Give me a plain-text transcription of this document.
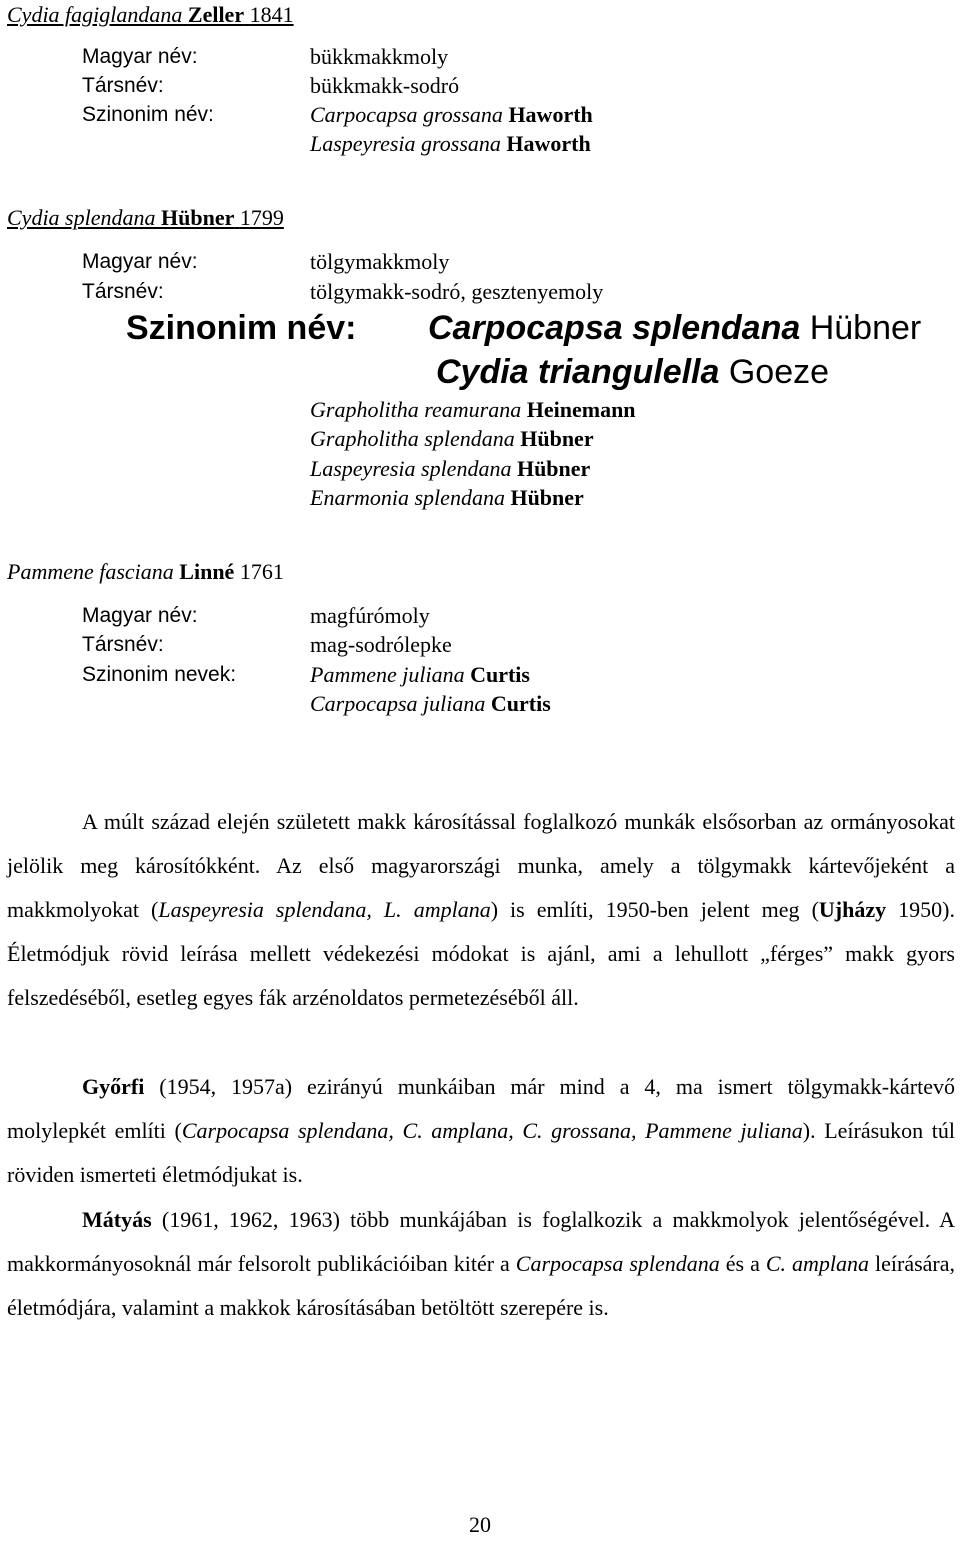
Cydia fagiglandana Zeller 1841
Magyar név:	bükkmakkmoly
Társnév:	bükkmakk-sodró
Szinonim név:	Carpocapsa grossana Haworth
Laspeyresia grossana Haworth
Cydia splendana Hübner 1799
Magyar név:	tölgymakkmoly
Társnév:	tölgymakk-sodró, gesztenyemoly
Szinonim név: Carpocapsa splendana Hübner
Cydia triangulella Goeze
Grapholitha reamurana Heinemann
Grapholitha splendana Hübner
Laspeyresia splendana Hübner
Enarmonia splendana Hübner
Pammene fasciana Linné 1761
Magyar név:	magfúrómoly
Társnév:	mag-sodrólepke
Szinonim nevek:	Pammene juliana Curtis
Carpocapsa juliana Curtis
A múlt század elején született makk károsítással foglalkozó munkák elsősorban az ormányosokat jelölik meg károsítókként. Az első magyarországi munka, amely a tölgymakk kártevőjeként a makkmolyokat (Laspeyresia splendana, L. amplana) is említi, 1950-ben jelent meg (Ujházy 1950). Életmódjuk rövid leírása mellett védekezési módokat is ajánl, ami a lehullott „férges” makk gyors felszedéséből, esetleg egyes fák arzénoldatos permetezéséből áll.
Győrfi (1954, 1957a) ezirányú munkáiban már mind a 4, ma ismert tölgymakk-kártevő molylepkét említi (Carpocapsa splendana, C. amplana, C. grossana, Pammene juliana). Leírásukon túl röviden ismerteti életmódjukat is.
Mátyás (1961, 1962, 1963) több munkájában is foglalkozik a makkmolyok jelentőségével. A makkormányosoknál már felsorolt publikációiban kitér a Carpocapsa splendana és a C. amplana leírására, életmódjára, valamint a makkok károsításában betöltött szerepére is.
20
